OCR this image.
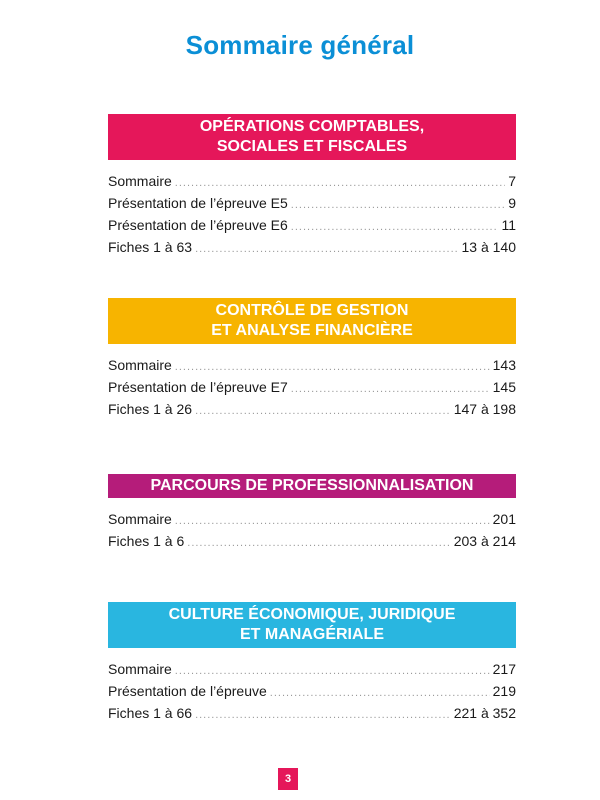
Sommaire général
OPÉRATIONS COMPTABLES,
SOCIALES ET FISCALES
Sommaire .....	7
Présentation de l’épreuve E5 .....	9
Présentation de l’épreuve E6 .....	11
Fiches 1 à 63 .....	13 à 140
CONTRÔLE DE GESTION
ET ANALYSE FINANCIÈRE
Sommaire .....	143
Présentation de l’épreuve E7 .....	145
Fiches 1 à 26 .....	147 à 198
PARCOURS DE PROFESSIONNALISATION
Sommaire .....	201
Fiches 1 à 6 .....	203 à 214
CULTURE ÉCONOMIQUE, JURIDIQUE
ET MANAGÉRIALE
Sommaire .....	217
Présentation de l’épreuve .....	219
Fiches 1 à 66 .....	221 à 352
3
